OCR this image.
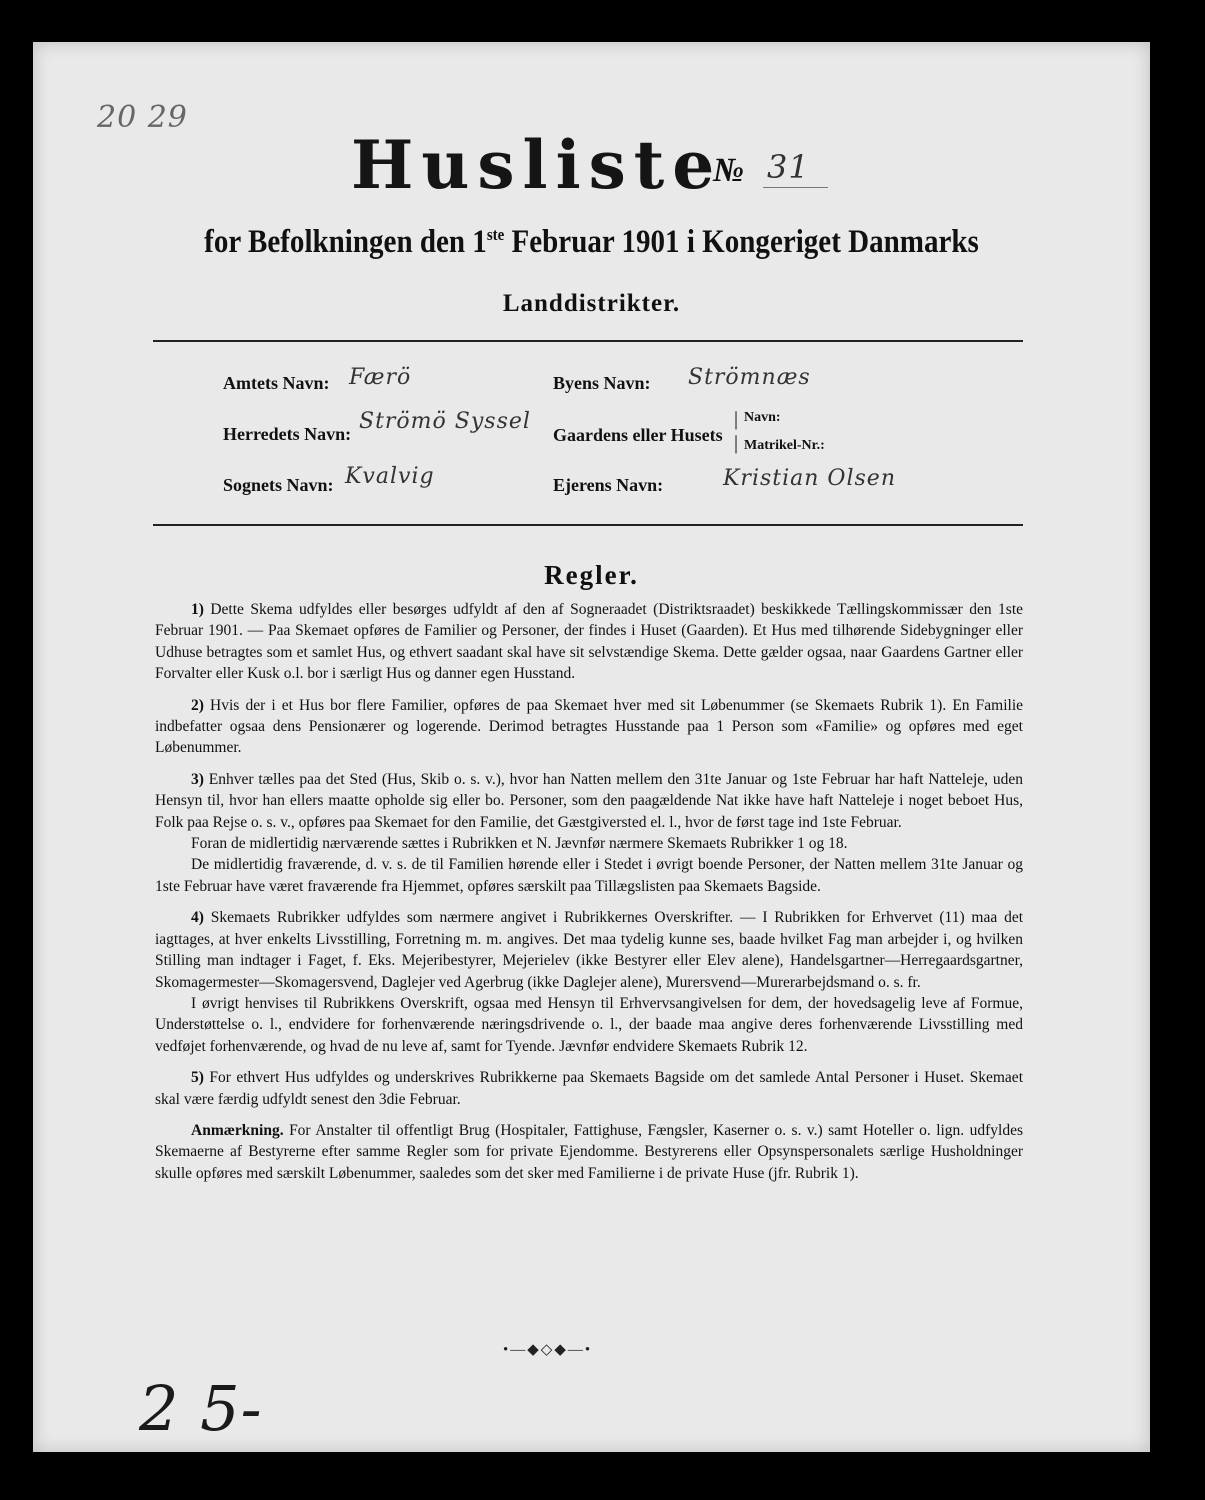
20 29
Husliste
№ 31
for Befolkningen den 1ste Februar 1901 i Kongeriget Danmarks
Landdistrikter.
Amtets Navn: Færö
Herredets Navn: Strömö Syssel
Sognets Navn: Kvalvig
Byens Navn: Strömnæs
Gaardens eller Husets
|
|
Navn:
Matrikel-Nr.:
Ejerens Navn:	Kristian Olsen
Regler.

1) Dette Skema udfyldes eller besørges udfyldt af den af Sogneraadet (Distriktsraadet) beskikkede Tællingskommissær den 1ste Februar 1901. — Paa Skemaet opføres de Familier og Personer, der findes i Huset (Gaarden). Et Hus med tilhørende Sidebygninger eller Udhuse betragtes som et samlet Hus, og ethvert saadant skal have sit selvstændige Skema. Dette gælder ogsaa, naar Gaardens Gartner eller Forvalter eller Kusk o.l. bor i særligt Hus og danner egen Husstand.

2) Hvis der i et Hus bor flere Familier, opføres de paa Skemaet hver med sit Løbenummer (se Skemaets Rubrik 1). En Familie indbefatter ogsaa dens Pensionærer og logerende. Derimod betragtes Husstande paa 1 Person som «Familie» og opføres med eget Løbenummer.

3) Enhver tælles paa det Sted (Hus, Skib o. s. v.), hvor han Natten mellem den 31te Januar og 1ste Februar har haft Natteleje, uden Hensyn til, hvor han ellers maatte opholde sig eller bo. Personer, som den paagældende Nat ikke have haft Natteleje i noget beboet Hus, Folk paa Rejse o. s. v., opføres paa Skemaet for den Familie, det Gæstgiversted el. l., hvor de først tage ind 1ste Februar.

Foran de midlertidig nærværende sættes i Rubrikken et N. Jævnfør nærmere Skemaets Rubrikker 1 og 18.

De midlertidig fraværende, d. v. s. de til Familien hørende eller i Stedet i øvrigt boende Personer, der Natten mellem 31te Januar og 1ste Februar have været fraværende fra Hjemmet, opføres særskilt paa Tillægslisten paa Skemaets Bagside.

4) Skemaets Rubrikker udfyldes som nærmere angivet i Rubrikkernes Overskrifter. — I Rubrikken for Erhvervet (11) maa det iagttages, at hver enkelts Livsstilling, Forretning m. m. angives. Det maa tydelig kunne ses, baade hvilket Fag man arbejder i, og hvilken Stilling man indtager i Faget, f. Eks. Mejeribestyrer, Mejerielev (ikke Bestyrer eller Elev alene), Handelsgartner—Herregaardsgartner, Skomagermester—Skomagersvend, Daglejer ved Agerbrug (ikke Daglejer alene), Murersvend—Murerarbejdsmand o. s. fr.

I øvrigt henvises til Rubrikkens Overskrift, ogsaa med Hensyn til Erhvervsangivelsen for dem, der hovedsagelig leve af Formue, Understøttelse o. l., endvidere for forhenværende næringsdrivende o. l., der baade maa angive deres forhenværende Livsstilling med vedføjet forhenværende, og hvad de nu leve af, samt for Tyende. Jævnfør endvidere Skemaets Rubrik 12.

5) For ethvert Hus udfyldes og underskrives Rubrikkerne paa Skemaets Bagside om det samlede Antal Personer i Huset. Skemaet skal være færdig udfyldt senest den 3die Februar.

Anmærkning. For Anstalter til offentligt Brug (Hospitaler, Fattighuse, Fængsler, Kaserner o. s. v.) samt Hoteller o. lign. udfyldes Skemaerne af Bestyrerne efter samme Regler som for private Ejendomme. Bestyrerens eller Opsynspersonalets særlige Husholdninger skulle opføres med særskilt Løbenummer, saaledes som det sker med Familierne i de private Huse (jfr. Rubrik 1).

•—◆◇◆—•
2 5-
